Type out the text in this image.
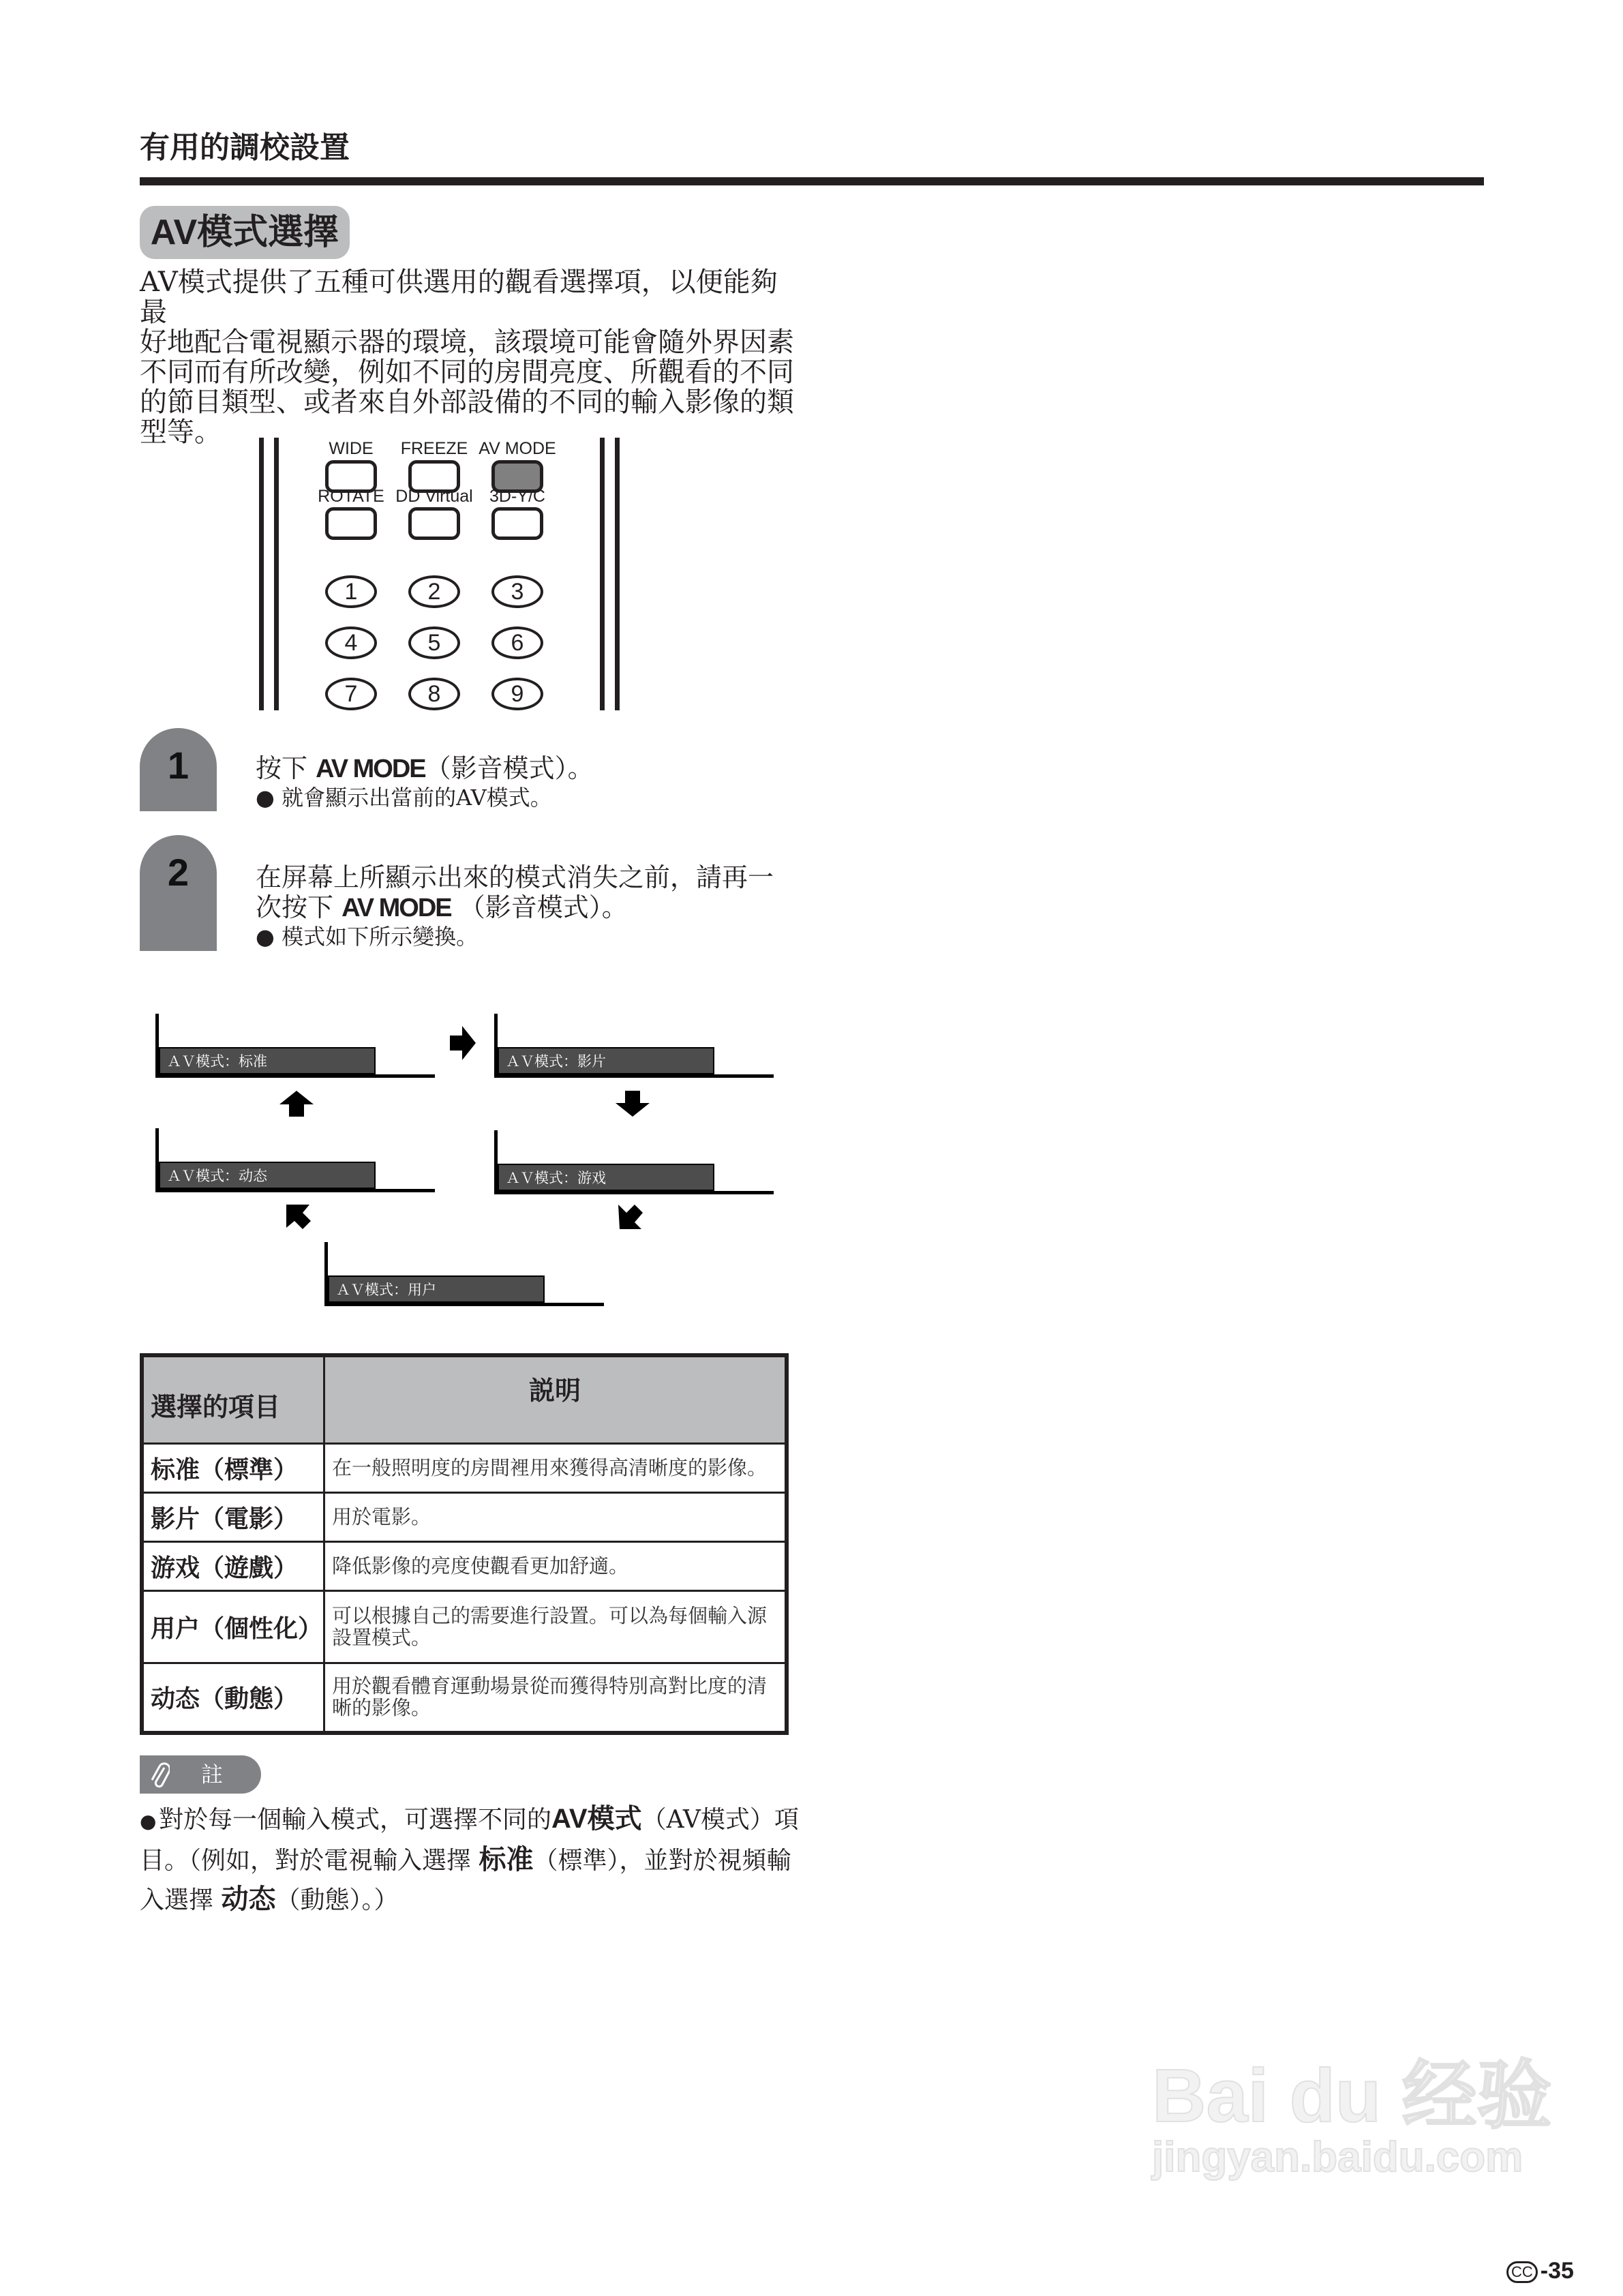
有用的調校設置
AV模式選擇

AV模式提供了五種可供選用的觀看選擇項，以便能夠最

好地配合電視顯示器的環境，該環境可能會隨外界因素

不同而有所改變，例如不同的房間亮度、所觀看的不同

的節目類型、或者來自外部設備的不同的輸入影像的類

型等。

WIDE	FREEZE AV MODE
ROTATE DD Virtual 3D-Y/C
1	2	3
4	5	6
7	8	9
1	按下 AV MODE（影音模式）。
● 就會顯示出當前的AV模式。
2	在屏幕上所顯示出來的模式消失之前，請再一
次按下 AV MODE （影音模式）。
● 模式如下所示變換。
ＡＶ模式：标准	ＡＶ模式：影片
ＡＶ模式：游戏
ＡＶ模式：用户
ＡＶ模式：动态
選擇的項目	説明
标准（標準）	在一般照明度的房間裡用來獲得高清晰度的影像。
影片（電影）	用於電影。
游戏（遊戲）	降低影像的亮度使觀看更加舒適。
用户（個性化）	可以根據自己的需要進行設置。可以為每個輸入源設置模式。
动态（動態）	用於觀看體育運動場景從而獲得特別高對比度的清晰的影像。
註
●對於每一個輸入模式，可選擇不同的AV模式（AV模式）項目。（例如，對於電視輸入選擇 标准（標準），並對於視頻輸入選擇 动态（動態）。）
Bai du 经验
jingyan.baidu.com
CC -35
